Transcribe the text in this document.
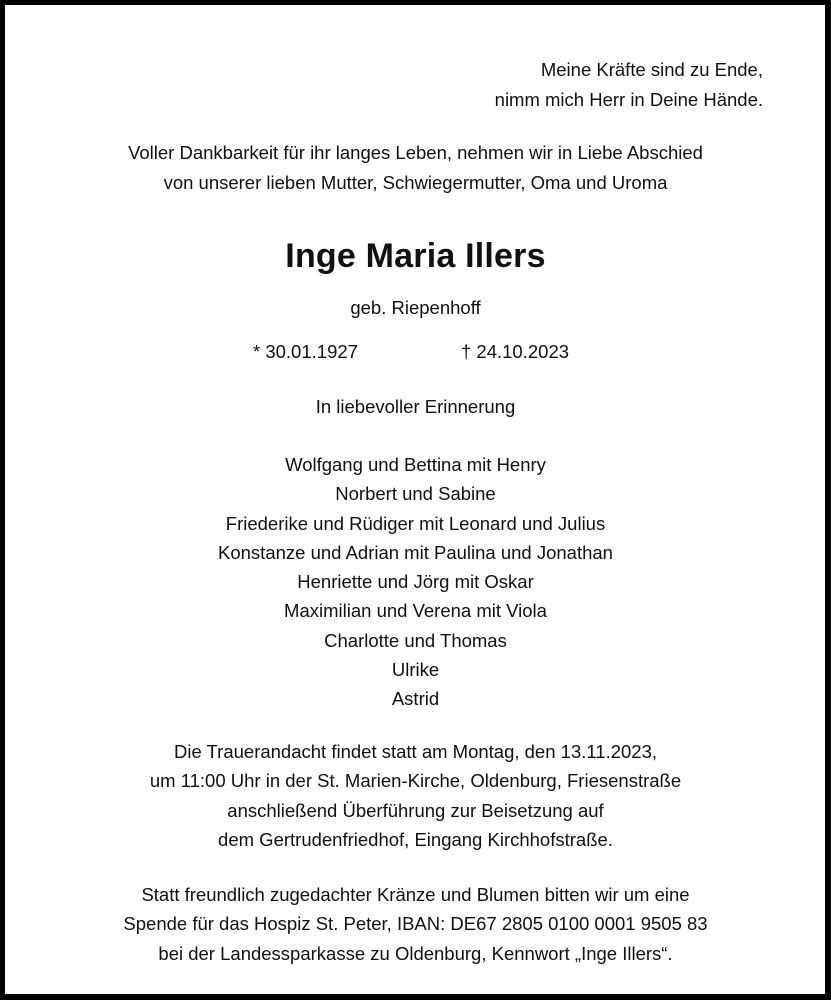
Meine Kräfte sind zu Ende,

nimm mich Herr in Deine Hände.

Voller Dankbarkeit für ihr langes Leben, nehmen wir in Liebe Abschied

von unserer lieben Mutter, Schwiegermutter, Oma und Uroma

Inge Maria Illers

geb. Riepenhoff

* 30.01.1927	† 24.10.2023

In liebevoller Erinnerung

Wolfgang und Bettina mit Henry
Norbert und Sabine
Friederike und Rüdiger mit Leonard und Julius
Konstanze und Adrian mit Paulina und Jonathan
Henriette und Jörg mit Oskar
Maximilian und Verena mit Viola
Charlotte und Thomas
Ulrike
Astrid
Die Trauerandacht findet statt am Montag, den 13.11.2023,
um 11:00 Uhr in der St. Marien-Kirche, Oldenburg, Friesenstraße
anschließend Überführung zur Beisetzung auf
dem Gertrudenfriedhof, Eingang Kirchhofstraße.
Statt freundlich zugedachter Kränze und Blumen bitten wir um eine
Spende für das Hospiz St. Peter, IBAN: DE67 2805 0100 0001 9505 83
bei der Landessparkasse zu Oldenburg, Kennwort „Inge Illers“.
